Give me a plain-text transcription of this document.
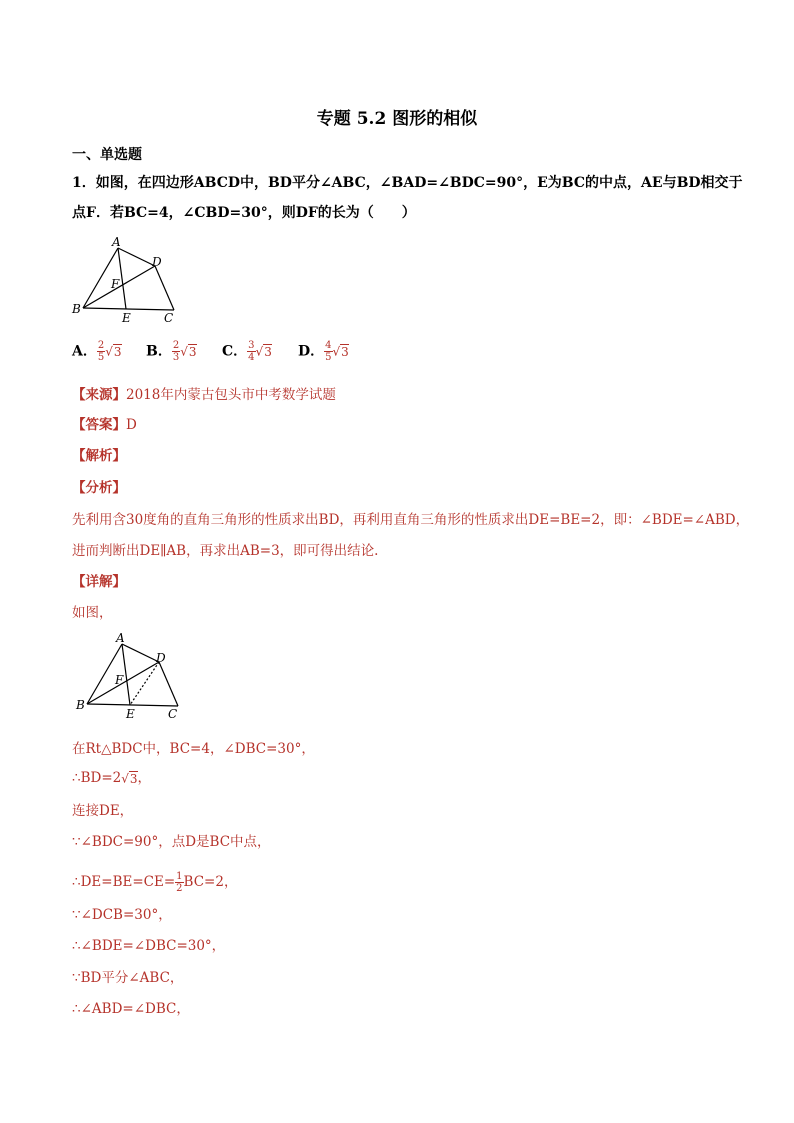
专题 5.2 图形的相似
一、单选题
1．如图，在四边形ABCD中，BD平分∠ABC，∠BAD=∠BDC=90°，E为BC的中点，AE与BD相交于
点F．若BC=4，∠CBD=30°，则DF的长为（　　）
A
B
C
D
E
F
A． $\frac{2}{5} √3$ B． $\frac{2}{3} √3$ C． $\frac{3}{4} √3$ D． $\frac{4}{5} √3$
【来源】2018年内蒙古包头市中考数学试题
【答案】D
【解析】
【分析】
先利用含30度角的直角三角形的性质求出BD，再利用直角三角形的性质求出DE=BE=2，即：∠BDE=∠ABD，
进而判断出DE∥AB，再求出AB=3，即可得出结论.
【详解】
如图，
A
B
C
D
E
F
在Rt△BDC中，BC=4，∠DBC=30°，
∴BD=2√3，
连接DE，
∵∠BDC=90°，点D是BC中点，
∴DE=BE=CE= $\frac{1}{2} BC=2$，
∵∠DCB=30°，
∴∠BDE=∠DBC=30°，
∵BD平分∠ABC，
∴∠ABD=∠DBC，
